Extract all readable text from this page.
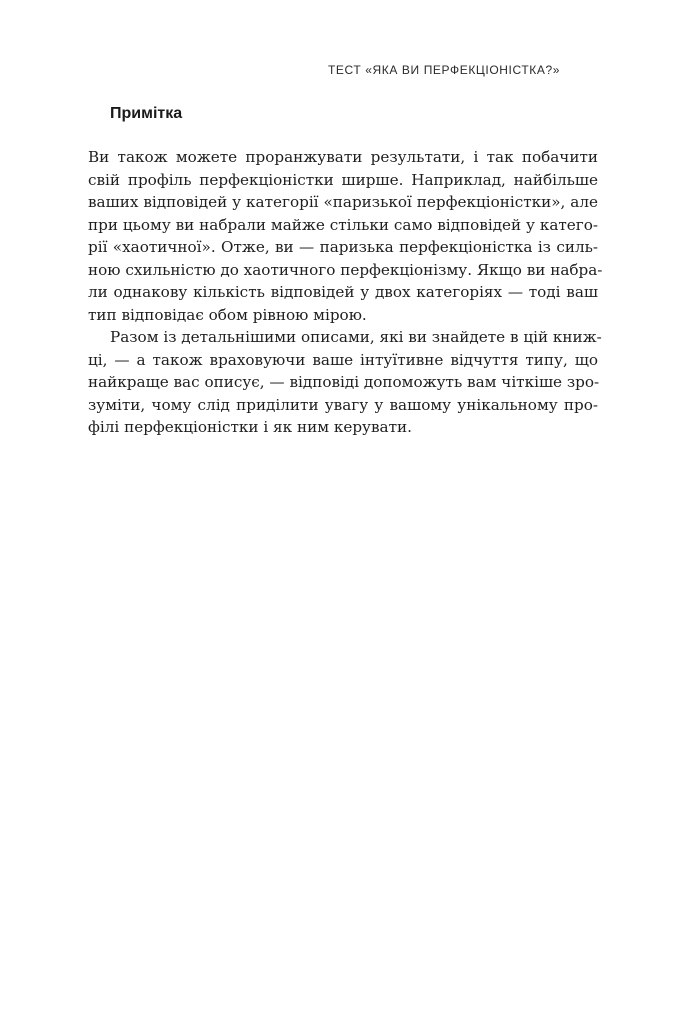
ТЕСТ «ЯКА ВИ ПЕРФЕКЦІОНІСТКА?»
Примітка
Ви також можете проранжувати результати, і так побачити
свій профіль перфекціоністки ширше. Наприклад, найбільше
ваших відповідей у категорії «паризької перфекціоністки», але
при цьому ви набрали майже стільки само відповідей у катего-
рії «хаотичної». Отже, ви — паризька перфекціоністка із силь-
ною схильністю до хаотичного перфекціонізму. Якщо ви набра-
ли однакову кількість відповідей у двох категоріях — тоді ваш
тип відповідає обом рівною мірою.
Разом із детальнішими описами, які ви знайдете в цій книж-
ці, — а також враховуючи ваше інтуїтивне відчуття типу, що
найкраще вас описує, — відповіді допоможуть вам чіткіше зро-
зуміти, чому слід приділити увагу у вашому унікальному про-
філі перфекціоністки і як ним керувати.
